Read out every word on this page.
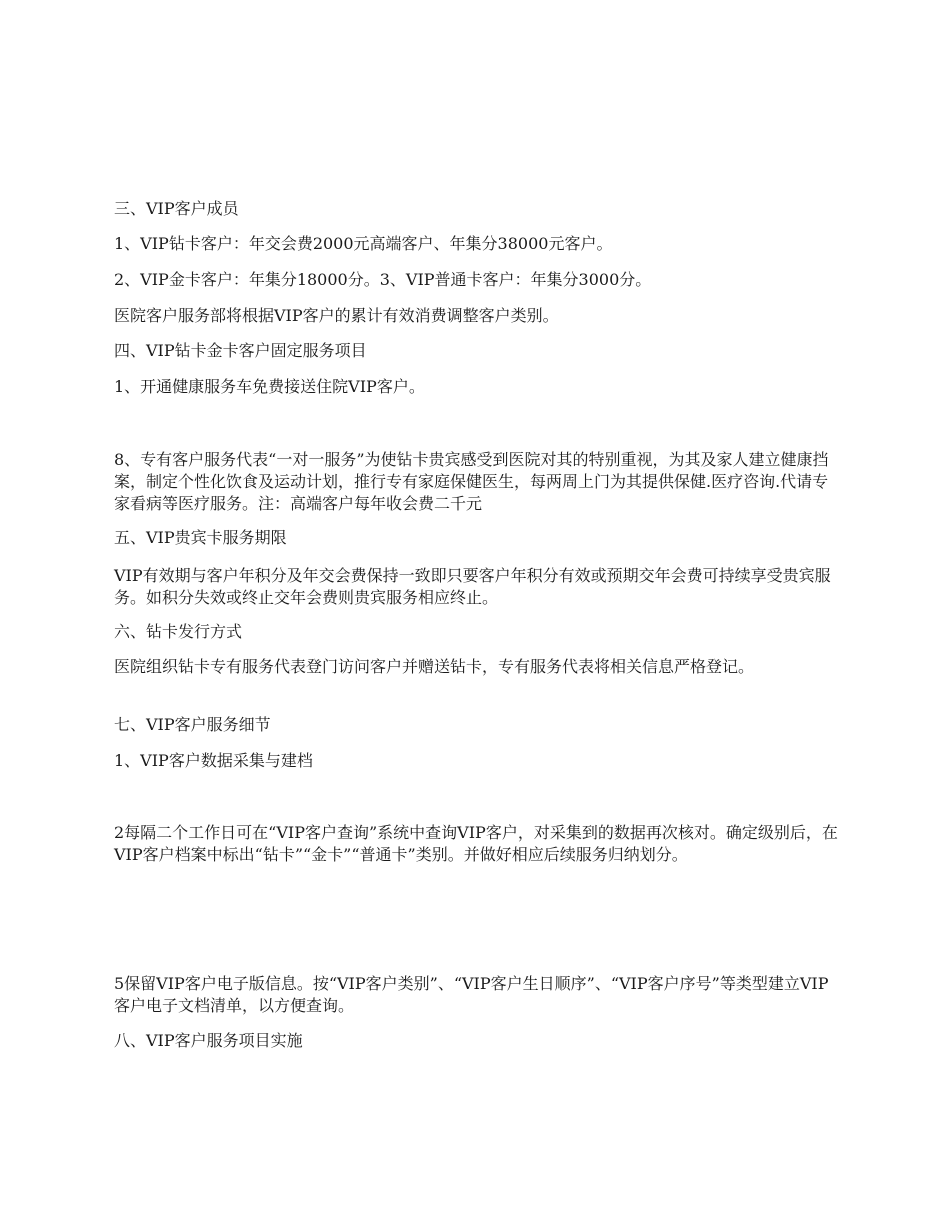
三、VIP客户成员

1、VIP钻卡客户：年交会费2000元高端客户、年集分38000元客户。

2、VIP金卡客户：年集分18000分。3、VIP普通卡客户：年集分3000分。

医院客户服务部将根据VIP客户的累计有效消费调整客户类别。

四、VIP钻卡金卡客户固定服务项目

1、开通健康服务车免费接送住院VIP客户。

8、专有客户服务代表“一对一服务”为使钻卡贵宾感受到医院对其的特别重视，为其及家人建立健康挡案，制定个性化饮食及运动计划，推行专有家庭保健医生，每两周上门为其提供保健.医疗咨询.代请专家看病等医疗服务。注：高端客户每年收会费二千元

五、VIP贵宾卡服务期限

VIP有效期与客户年积分及年交会费保持一致即只要客户年积分有效或预期交年会费可持续享受贵宾服务。如积分失效或终止交年会费则贵宾服务相应终止。

六、钻卡发行方式

医院组织钻卡专有服务代表登门访问客户并赠送钻卡，专有服务代表将相关信息严格登记。

七、VIP客户服务细节

1、VIP客户数据采集与建档

2每隔二个工作日可在“VIP客户查询”系统中查询VIP客户，对采集到的数据再次核对。确定级别后，在VIP客户档案中标出“钻卡”“金卡”“普通卡”类别。并做好相应后续服务归纳划分。

5保留VIP客户电子版信息。按“VIP客户类别”、“VIP客户生日顺序”、“VIP客户序号”等类型建立VIP客户电子文档清单，以方便查询。

八、VIP客户服务项目实施
